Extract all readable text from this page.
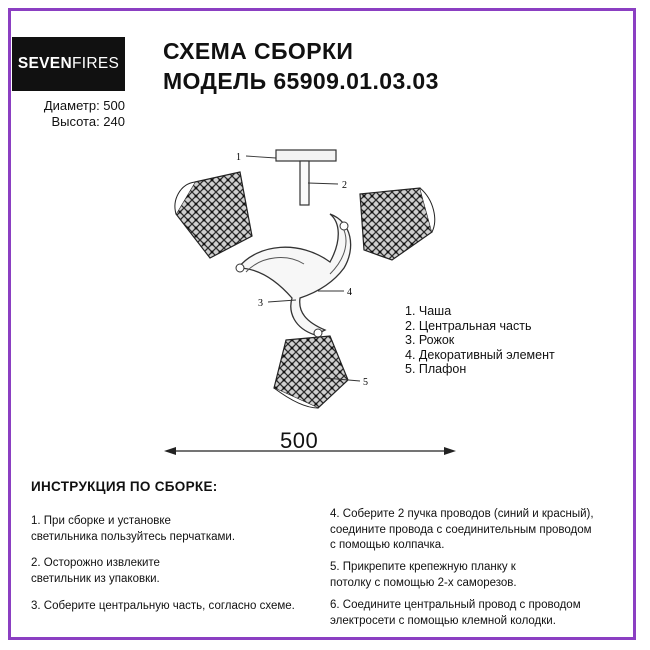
SEVEN FIRES СХЕМА СБОРКИ
МОДЕЛЬ 65909.01.03.03
Диаметр: 500
Высота: 240
1
2
3
4
5
500
1. Чаша
2. Центральная часть
3. Рожок
4. Декоративный элемент
5. Плафон
ИНСТРУКЦИЯ ПО СБОРКЕ:
1. При сборке и установке
светильника пользуйтесь перчатками.
2. Осторожно извлеките
светильник из упаковки.
3. Соберите центральную часть, согласно схеме.
4. Соберите 2 пучка проводов (синий и красный),
соедините провода с соединительным проводом
с помощью колпачка.
5. Прикрепите крепежную планку к
потолку с помощью 2-х саморезов.
6. Соедините центральный провод с проводом
электросети с помощью клемной колодки.
